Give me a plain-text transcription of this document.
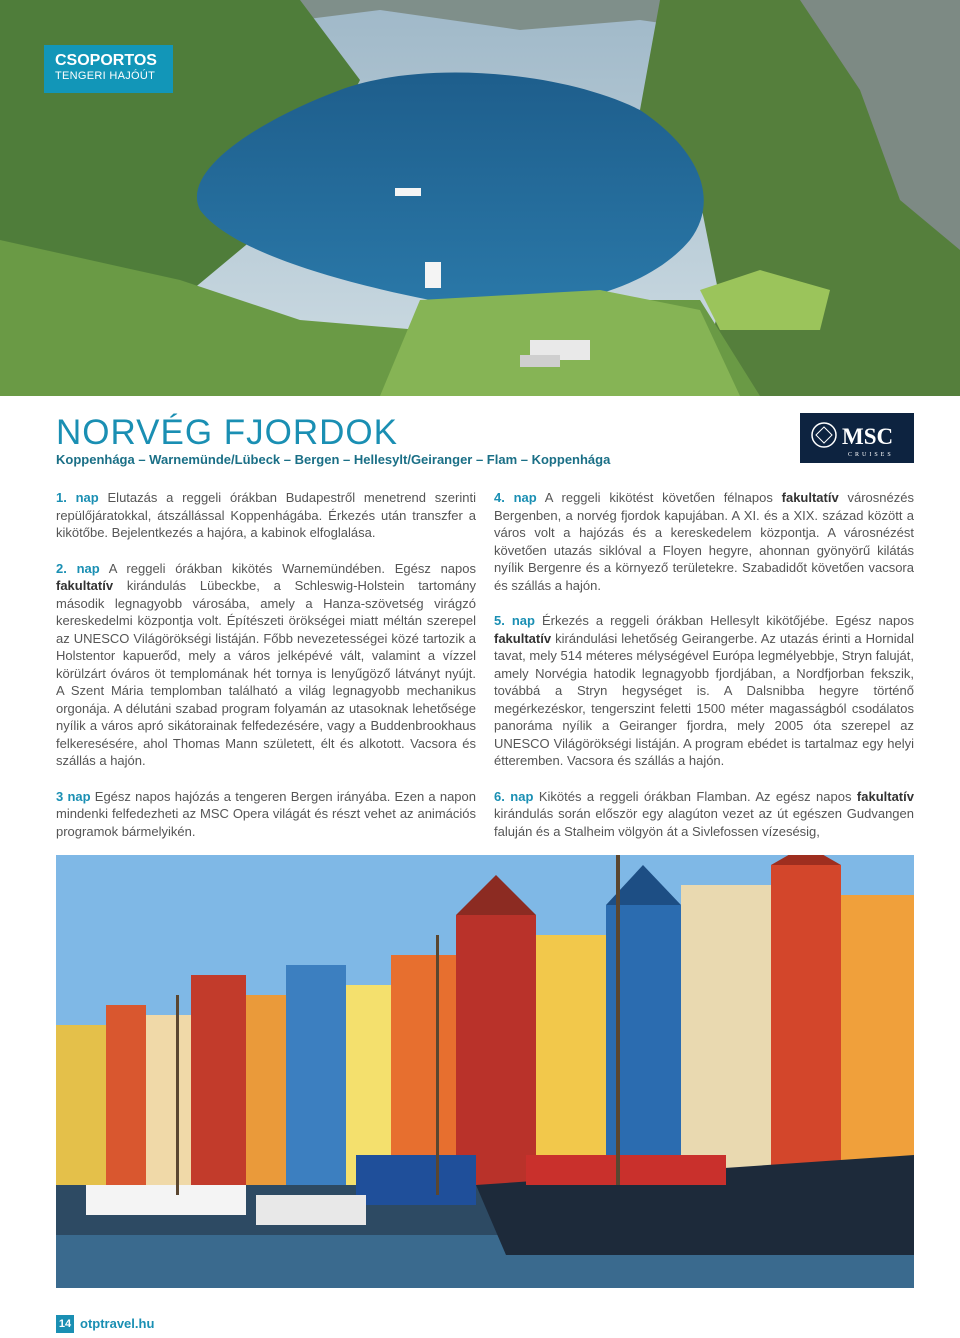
CSOPORTOS
TENGERI HAJÓÚT
NORVÉG FJORDOK
Koppenhága – Warnemünde/Lübeck – Bergen – Hellesylt/Geiranger – Flam – Koppenhága
MSC
CRUISES

1. nap Elutazás a reggeli órákban Budapestről menetrend szerinti repülőjáratokkal, átszállással Koppenhágába. Érkezés után transzfer a kikötőbe. Bejelentkezés a hajóra, a kabinok elfoglalása.

2. nap A reggeli órákban kikötés Warnemündében. Egész napos fakultatív kirándulás Lübeckbe, a Schleswig-Holstein tartomány második legnagyobb városába, amely a Hanza-szövetség virágzó kereskedelmi központja volt. Építészeti örökségei miatt méltán szerepel az UNESCO Világörökségi listáján. Főbb nevezetességei közé tartozik a Holstentor kapuerőd, mely a város jelképévé vált, valamint a vízzel körülzárt óváros öt templomának hét tornya is lenyűgöző látványt nyújt. A Szent Mária templomban található a világ legnagyobb mechanikus orgonája. A délutáni szabad program folyamán az utasoknak lehetősége nyílik a város apró sikátorainak felfedezésére, vagy a Buddenbrookhaus felkeresésére, ahol Thomas Mann született, élt és alkotott. Vacsora és szállás a hajón.

3 nap Egész napos hajózás a tengeren Bergen irányába. Ezen a napon mindenki felfedezheti az MSC Opera világát és részt vehet az animációs programok bármelyikén.

4. nap A reggeli kikötést követően félnapos fakultatív városnézés Bergenben, a norvég fjordok kapujában. A XI. és a XIX. század között a város volt a hajózás és a kereskedelem központja. A városnézést követően utazás siklóval a Floyen hegyre, ahonnan gyönyörű kilátás nyílik Bergenre és a környező területekre. Szabadidőt követően vacsora és szállás a hajón.

5. nap Érkezés a reggeli órákban Hellesylt kikötőjébe. Egész napos fakultatív kirándulási lehetőség Geirangerbe. Az utazás érinti a Hornidal tavat, mely 514 méteres mélységével Európa legmélyebbje, Stryn faluját, amely Norvégia hatodik legnagyobb fjordjában, a Nordfjorban fekszik, továbbá a Stryn hegységet is. A Dalsnibba hegyre történő megérkezéskor, tengerszint feletti 1500 méter magasságból csodálatos panoráma nyílik a Geiranger fjordra, mely 2005 óta szerepel az UNESCO Világörökségi listáján. A program ebédet is tartalmaz egy helyi étteremben. Vacsora és szállás a hajón.

6. nap Kikötés a reggeli órákban Flamban. Az egész napos fakultatív kirándulás során először egy alagúton vezet az út egészen Gudvangen faluján és a Stalheim völgyön át a Sivlefossen vízesésig,

14 otptravel.hu
